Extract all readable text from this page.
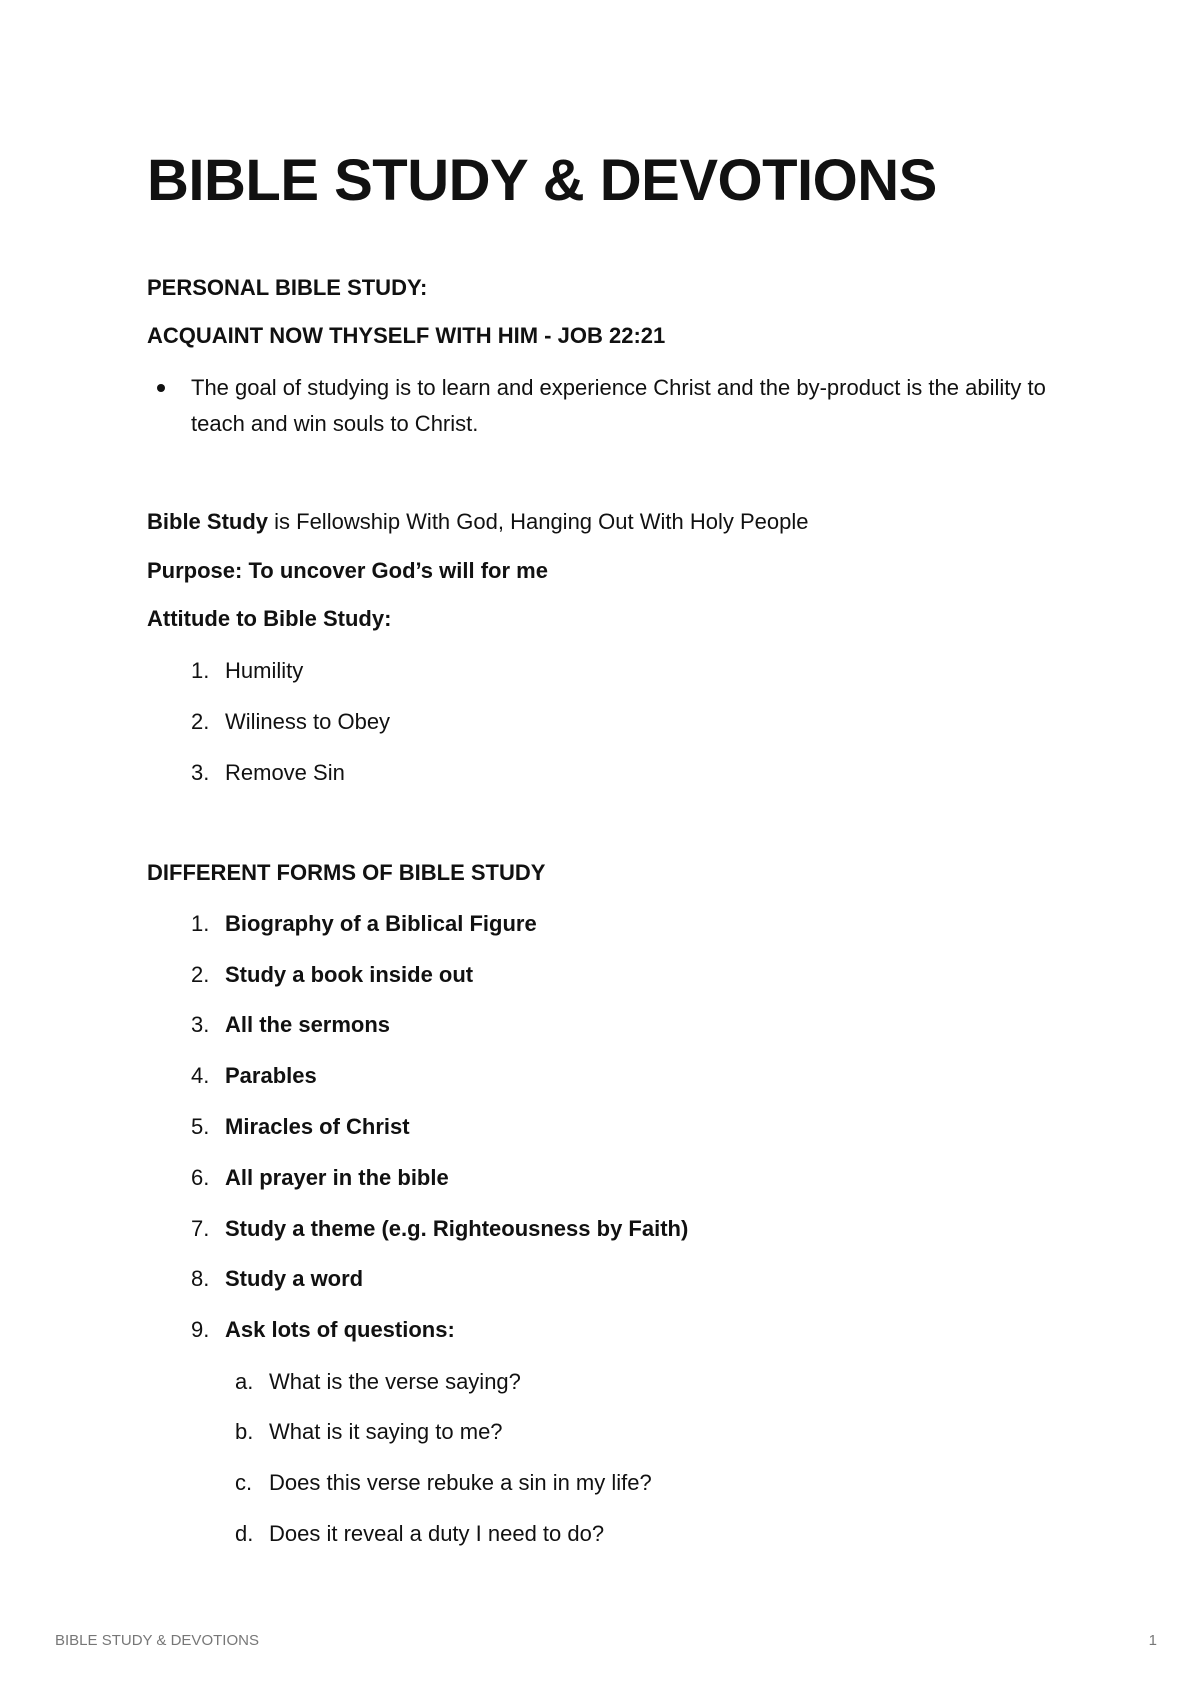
BIBLE STUDY & DEVOTIONS

PERSONAL BIBLE STUDY:

ACQUAINT NOW THYSELF WITH HIM - JOB 22:21

The goal of studying is to learn and experience Christ and the by-product is the ability to teach and win souls to Christ.

Bible Study is Fellowship With God, Hanging Out With Holy People

Purpose: To uncover God’s will for me

Attitude to Bible Study:

1. Humility
2. Wiliness to Obey
3. Remove Sin

DIFFERENT FORMS OF BIBLE STUDY

1. Biography of a Biblical Figure
2. Study a book inside out
3. All the sermons
4. Parables
5. Miracles of Christ
6. All prayer in the bible
7. Study a theme (e.g. Righteousness by Faith)
8. Study a word
9. Ask lots of questions:
a. What is the verse saying?
b. What is it saying to me?
c. Does this verse rebuke a sin in my life?
d. Does it reveal a duty I need to do?
BIBLE STUDY & DEVOTIONS	1
